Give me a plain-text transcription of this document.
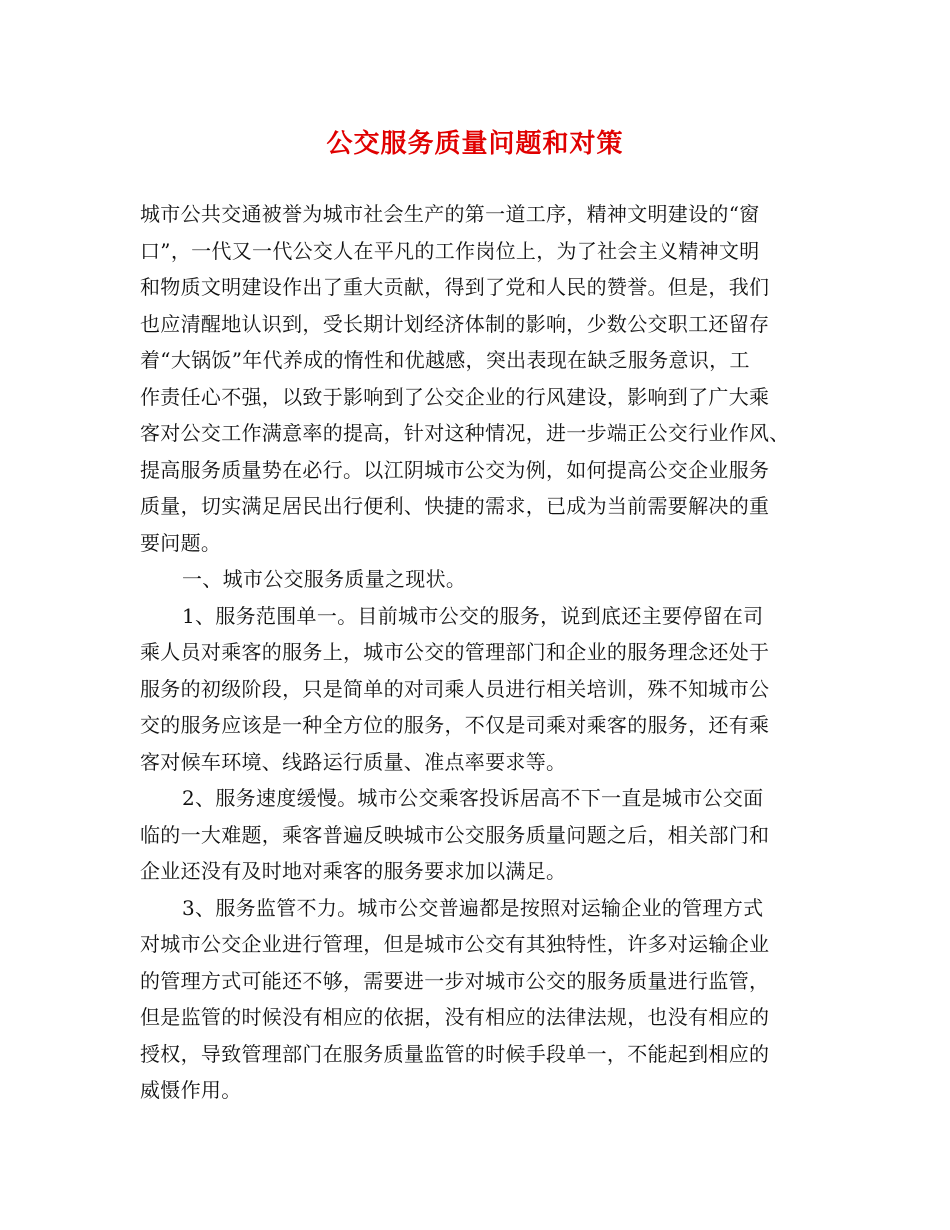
公交服务质量问题和对策
城市公共交通被誉为城市社会生产的第一道工序，精神文明建设的“窗
口”，一代又一代公交人在平凡的工作岗位上，为了社会主义精神文明
和物质文明建设作出了重大贡献，得到了党和人民的赞誉。但是，我们
也应清醒地认识到，受长期计划经济体制的影响，少数公交职工还留存
着“大锅饭”年代养成的惰性和优越感，突出表现在缺乏服务意识，工
作责任心不强，以致于影响到了公交企业的行风建设，影响到了广大乘
客对公交工作满意率的提高，针对这种情况，进一步端正公交行业作风、
提高服务质量势在必行。以江阴城市公交为例，如何提高公交企业服务
质量，切实满足居民出行便利、快捷的需求，已成为当前需要解决的重
要问题。
一、城市公交服务质量之现状。
1、服务范围单一。目前城市公交的服务，说到底还主要停留在司
乘人员对乘客的服务上，城市公交的管理部门和企业的服务理念还处于
服务的初级阶段，只是简单的对司乘人员进行相关培训，殊不知城市公
交的服务应该是一种全方位的服务，不仅是司乘对乘客的服务，还有乘
客对候车环境、线路运行质量、准点率要求等。
2、服务速度缓慢。城市公交乘客投诉居高不下一直是城市公交面
临的一大难题，乘客普遍反映城市公交服务质量问题之后，相关部门和
企业还没有及时地对乘客的服务要求加以满足。
3、服务监管不力。城市公交普遍都是按照对运输企业的管理方式
对城市公交企业进行管理，但是城市公交有其独特性，许多对运输企业
的管理方式可能还不够，需要进一步对城市公交的服务质量进行监管，
但是监管的时候没有相应的依据，没有相应的法律法规，也没有相应的
授权，导致管理部门在服务质量监管的时候手段单一，不能起到相应的
威慑作用。
